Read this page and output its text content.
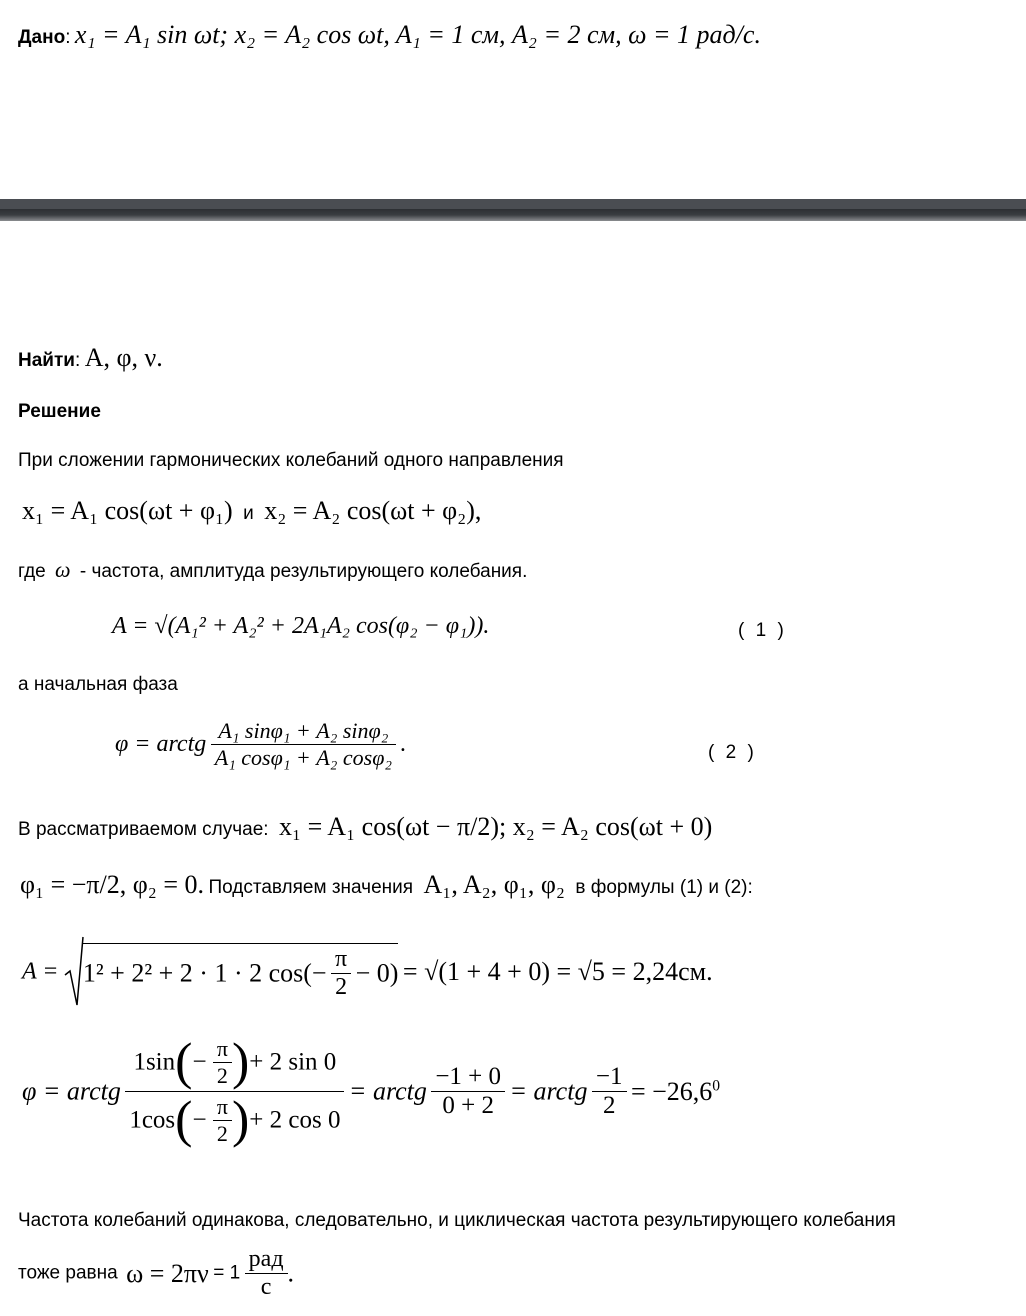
Дано: x₁ = A₁ sin ωt; x₂ = A₂ cos ωt, A₁ = 1 см, A₂ = 2 см, ω = 1 рад/с.
Найти: A, φ, ν.
Решение
При сложении гармонических колебаний одного направления
x₁ = A₁ cos(ωt + φ₁) и x₂ = A₂ cos(ωt + φ₂),
где ω - частота, амплитуда результирующего колебания.
A = √(A₁² + A₂² + 2A₁A₂ cos(φ₂ − φ₁)).	( 1 )
а начальная фаза
φ = arctg $\frac{\text{A₁ sinφ₁ + A₂ sinφ₂}}{\text{A₁ cosφ₁ + A₂ cosφ₂}}$ .	( 2 )
В рассматриваемом случае: x₁ = A₁ cos(ωt − π/2); x₂ = A₂ cos(ωt + 0)
φ₁ = −π/2, φ₂ = 0. Подставляем значения A₁, A₂, φ₁, φ₂ в формулы (1) и (2):
A = 1² + 2² + 2 · 1 · 2 $\cos(- \frac{\pi}{2} - 0) = √(1 + 4 + 0) = √5 = 2,24см$.
φ = arctg $\frac{1\sin(- \frac{\pi}{2} )+ 2 \sin 0}{1\cos(- \frac{\pi}{2} )+ 2 \cos 0}$ = arctg $\frac{-1 + 0}{0 + 2}$ = arctg $\frac{-1}{2} = -26,6^0$
Частота колебаний одинакова, следовательно, и циклическая частота результирующего колебания
тоже равна $\omega = 2\pi\nu = 1 \frac{\text{рад}}{с}$ .
